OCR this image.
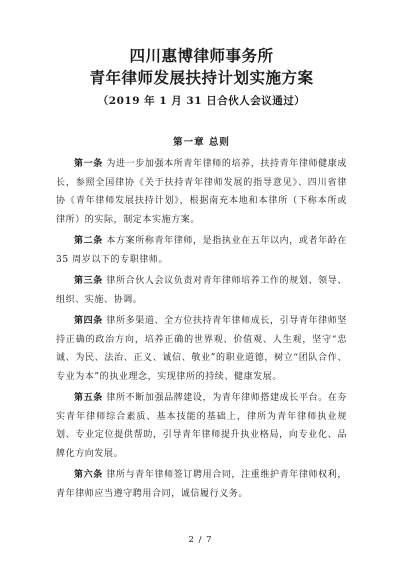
四川惠博律师事务所
青年律师发展扶持计划实施方案
（2019 年 1 月 31 日合伙人会议通过）
第一章 总则

第一条 为进一步加强本所青年律师的培养，扶持青年律师健康成长，参照全国律协《关于扶持青年律师发展的指导意见》、四川省律协《青年律师发展扶持计划》，根据南充本地和本律所（下称本所或律所）的实际，制定本实施方案。

第二条 本方案所称青年律师，是指执业在五年以内，或者年龄在 35 周岁以下的专职律师。

第三条 律所合伙人会议负责对青年律师培养工作的规划、领导、组织、实施、协调。

第四条 律所多渠道、全方位扶持青年律师成长，引导青年律师坚持正确的政治方向，培养正确的世界观、价值观、人生观，坚守“忠诚、为民、法治、正义、诚信、敬业”的职业道德，树立“团队合作、专业为本”的执业理念，实现律所的持续、健康发展。

第五条 律所不断加强品牌建设，为青年律师搭建成长平台。在夯实青年律师综合素质、基本技能的基础上，律所为青年律师执业规划、专业定位提供帮助，引导青年律师提升执业格局，向专业化、品牌化方向发展。

第六条 律所与青年律师签订聘用合同，注重维护青年律师权利，青年律师应当遵守聘用合同，诚信履行义务。

2 / 7
